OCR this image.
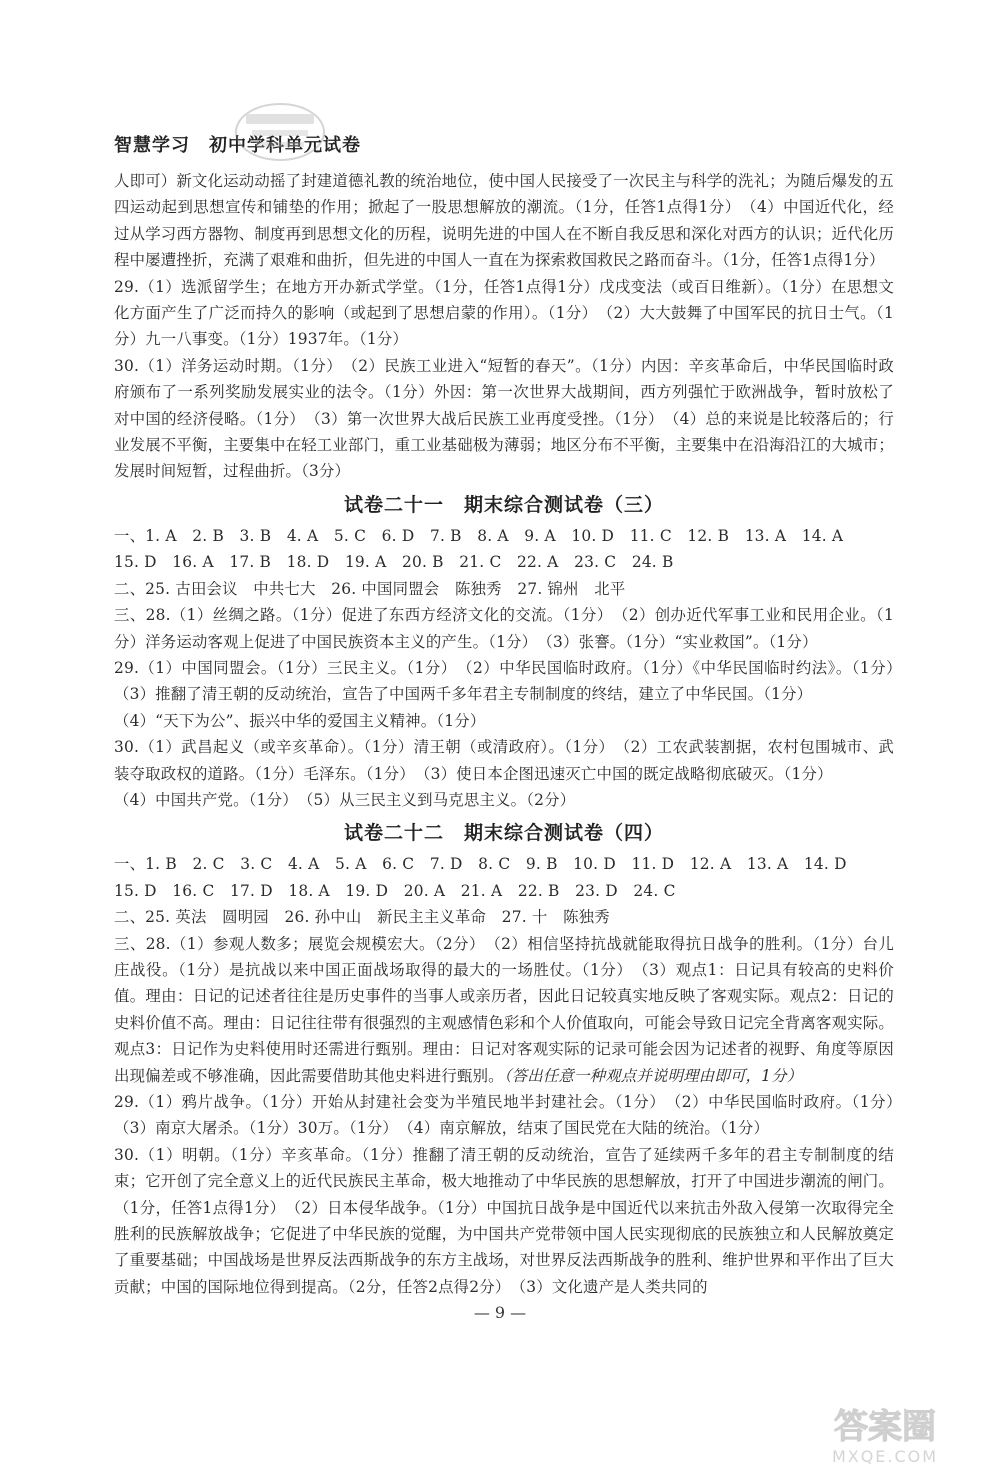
智慧学习　初中学科单元试卷

人即可）新文化运动动摇了封建道德礼教的统治地位，使中国人民接受了一次民主与科学的洗礼；为随后爆发的五四运动起到思想宣传和铺垫的作用；掀起了一股思想解放的潮流。（1分，任答1点得1分）　（4）中国近代化，经过从学习西方器物、制度再到思想文化的历程，说明先进的中国人在不断自我反思和深化对西方的认识；近代化历程中屡遭挫折，充满了艰难和曲折，但先进的中国人一直在为探索救国救民之路而奋斗。（1分，任答1点得1分）

29.（1）选派留学生；在地方开办新式学堂。（1分，任答1点得1分）戊戌变法（或百日维新）。（1分）在思想文化方面产生了广泛而持久的影响（或起到了思想启蒙的作用）。（1分）　（2）大大鼓舞了中国军民的抗日士气。（1分）九一八事变。（1分）1937年。（1分）

30.（1）洋务运动时期。（1分）　（2）民族工业进入“短暂的春天”。（1分）内因：辛亥革命后，中华民国临时政府颁布了一系列奖励发展实业的法令。（1分）外因：第一次世界大战期间，西方列强忙于欧洲战争，暂时放松了对中国的经济侵略。（1分）　（3）第一次世界大战后民族工业再度受挫。（1分）　（4）总的来说是比较落后的；行业发展不平衡，主要集中在轻工业部门，重工业基础极为薄弱；地区分布不平衡，主要集中在沿海沿江的大城市；发展时间短暂，过程曲折。（3分）

试卷二十一　期末综合测试卷（三）

一、1. A　2. B　3. B　4. A　5. C　6. D　7. B　8. A　9. A　10. D　11. C　12. B　13. A　14. A

15. D　16. A　17. B　18. D　19. A　20. B　21. C　22. A　23. C　24. B

二、25. 古田会议　中共七大　26. 中国同盟会　陈独秀　27. 锦州　北平

三、28.（1）丝绸之路。（1分）促进了东西方经济文化的交流。（1分）　（2）创办近代军事工业和民用企业。（1分）洋务运动客观上促进了中国民族资本主义的产生。（1分）　（3）张謇。（1分）“实业救国”。（1分）

29.（1）中国同盟会。（1分）三民主义。（1分）　（2）中华民国临时政府。（1分）《中华民国临时约法》。（1分）　（3）推翻了清王朝的反动统治，宣告了中国两千多年君主专制制度的终结，建立了中华民国。（1分）

（4）“天下为公”、振兴中华的爱国主义精神。（1分）

30.（1）武昌起义（或辛亥革命）。（1分）清王朝（或清政府）。（1分）　（2）工农武装割据，农村包围城市、武装夺取政权的道路。（1分）毛泽东。（1分）　（3）使日本企图迅速灭亡中国的既定战略彻底破灭。（1分）

（4）中国共产党。（1分）　（5）从三民主义到马克思主义。（2分）

试卷二十二　期末综合测试卷（四）

一、1. B　2. C　3. C　4. A　5. A　6. C　7. D　8. C　9. B　10. D　11. D　12. A　13. A　14. D

15. D　16. C　17. D　18. A　19. D　20. A　21. A　22. B　23. D　24. C

二、25. 英法　圆明园　26. 孙中山　新民主主义革命　27. 十　陈独秀

三、28.（1）参观人数多；展览会规模宏大。（2分）　（2）相信坚持抗战就能取得抗日战争的胜利。（1分）台儿庄战役。（1分）是抗战以来中国正面战场取得的最大的一场胜仗。（1分）　（3）观点1：日记具有较高的史料价值。理由：日记的记述者往往是历史事件的当事人或亲历者，因此日记较真实地反映了客观实际。观点2：日记的史料价值不高。理由：日记往往带有很强烈的主观感情色彩和个人价值取向，可能会导致日记完全背离客观实际。观点3：日记作为史料使用时还需进行甄别。理由：日记对客观实际的记录可能会因为记述者的视野、角度等原因出现偏差或不够准确，因此需要借助其他史料进行甄别。（答出任意一种观点并说明理由即可，1分）

29.（1）鸦片战争。（1分）开始从封建社会变为半殖民地半封建社会。（1分）　（2）中华民国临时政府。（1分）　（3）南京大屠杀。（1分）30万。（1分）　（4）南京解放，结束了国民党在大陆的统治。（1分）

30.（1）明朝。（1分）辛亥革命。（1分）推翻了清王朝的反动统治，宣告了延续两千多年的君主专制制度的结束；它开创了完全意义上的近代民族民主革命，极大地推动了中华民族的思想解放，打开了中国进步潮流的闸门。（1分，任答1点得1分）　（2）日本侵华战争。（1分）中国抗日战争是中国近代以来抗击外敌入侵第一次取得完全胜利的民族解放战争；它促进了中华民族的觉醒，为中国共产党带领中国人民实现彻底的民族独立和人民解放奠定了重要基础；中国战场是世界反法西斯战争的东方主战场，对世界反法西斯战争的胜利、维护世界和平作出了巨大贡献；中国的国际地位得到提高。（2分，任答2点得2分）　（3）文化遗产是人类共同的

— 9 —
答案圈
MXQE.COM
